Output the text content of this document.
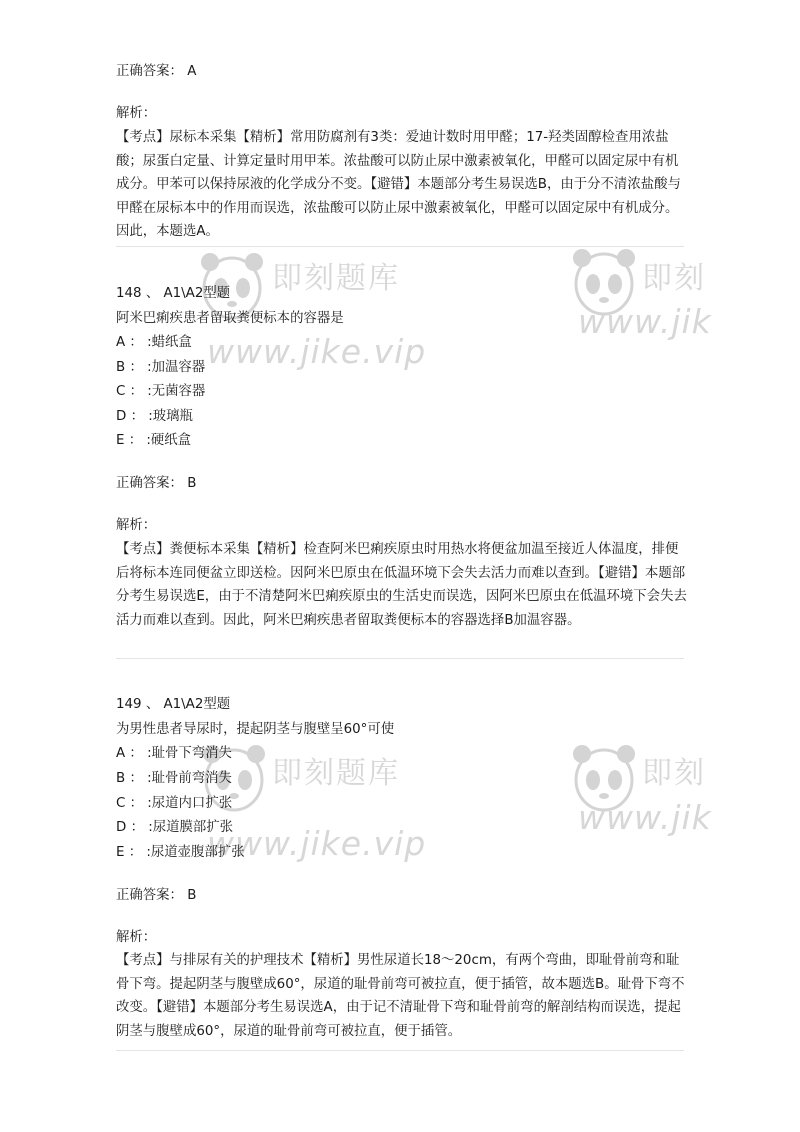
即刻题库
www.jike.vip
即刻
www.jik
即刻题库
www.jike.vip
即刻
www.jik
正确答案： A
解析：
【考点】尿标本采集【精析】常用防腐剂有3类：爱迪计数时用甲醛；17-羟类固醇检查用浓盐酸；尿蛋白定量、计算定量时用甲苯。浓盐酸可以防止尿中激素被氧化，甲醛可以固定尿中有机成分。甲苯可以保持尿液的化学成分不变。【避错】本题部分考生易误选B，由于分不清浓盐酸与甲醛在尿标本中的作用而误选，浓盐酸可以防止尿中激素被氧化，甲醛可以固定尿中有机成分。因此，本题选A。
148 、 A1\A2型题
阿米巴痢疾患者留取粪便标本的容器是
A ： :蜡纸盒
B ： :加温容器
C ： :无菌容器
D ： :玻璃瓶
E ： :硬纸盒
正确答案： B
解析：
【考点】粪便标本采集【精析】检查阿米巴痢疾原虫时用热水将便盆加温至接近人体温度，排便后将标本连同便盆立即送检。因阿米巴原虫在低温环境下会失去活力而难以查到。【避错】本题部分考生易误选E，由于不清楚阿米巴痢疾原虫的生活史而误选，因阿米巴原虫在低温环境下会失去活力而难以查到。因此，阿米巴痢疾患者留取粪便标本的容器选择B加温容器。
149 、 A1\A2型题
为男性患者导尿时，提起阴茎与腹壁呈60°可使
A ： :耻骨下弯消失
B ： :耻骨前弯消失
C ： :尿道内口扩张
D ： :尿道膜部扩张
E ： :尿道壶腹部扩张
正确答案： B
解析：
【考点】与排尿有关的护理技术【精析】男性尿道长18～20cm，有两个弯曲，即耻骨前弯和耻骨下弯。提起阴茎与腹壁成60°，尿道的耻骨前弯可被拉直，便于插管，故本题选B。耻骨下弯不改变。【避错】本题部分考生易误选A，由于记不清耻骨下弯和耻骨前弯的解剖结构而误选，提起阴茎与腹壁成60°，尿道的耻骨前弯可被拉直，便于插管。
